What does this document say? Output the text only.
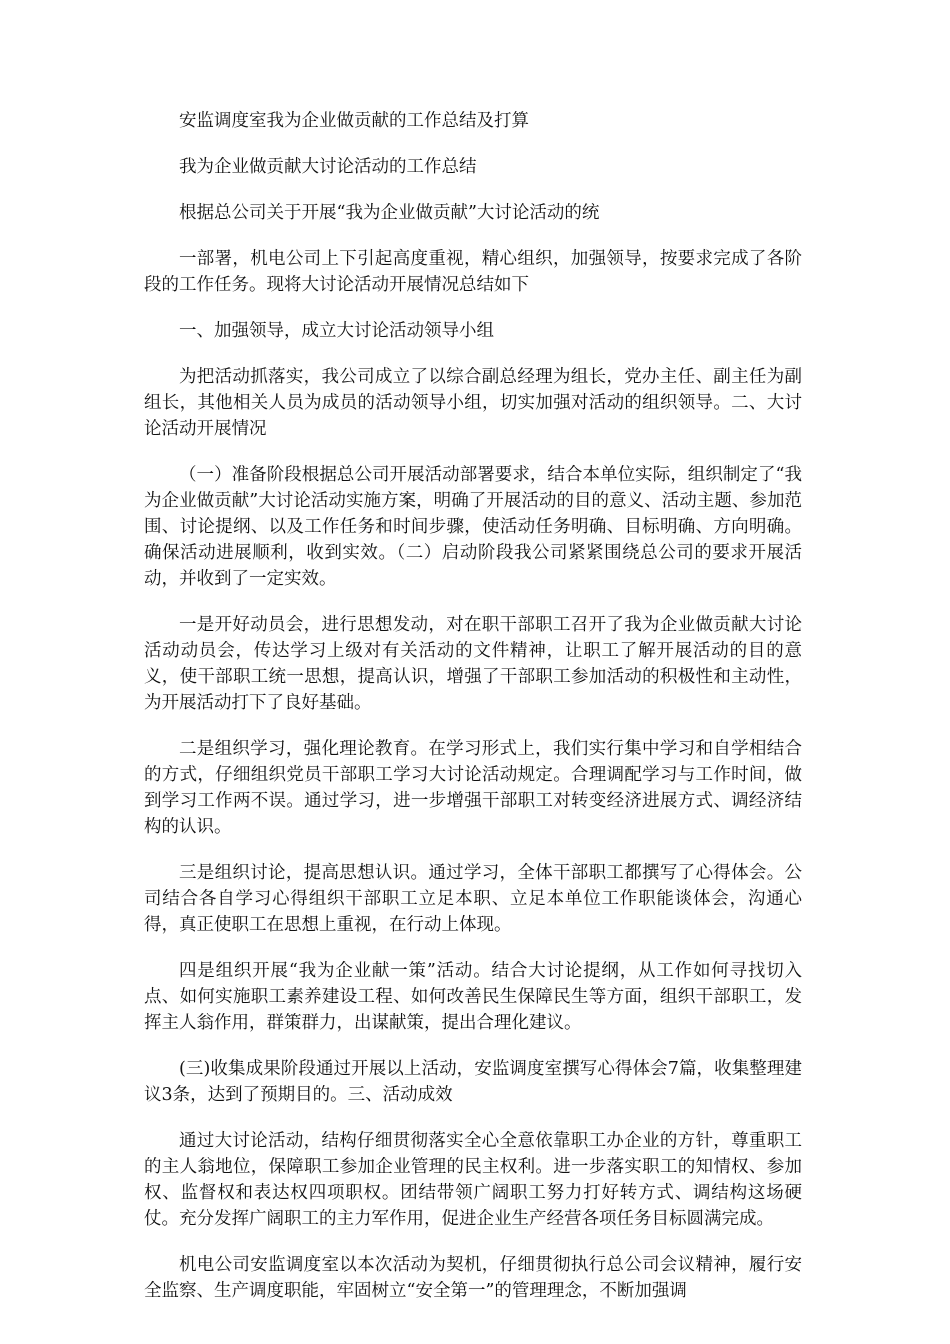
安监调度室我为企业做贡献的工作总结及打算

我为企业做贡献大讨论活动的工作总结

根据总公司关于开展“我为企业做贡献”大讨论活动的统

一部署，机电公司上下引起高度重视，精心组织，加强领导，按要求完成了各阶段的工作任务。现将大讨论活动开展情况总结如下

一、加强领导，成立大讨论活动领导小组

为把活动抓落实，我公司成立了以综合副总经理为组长，党办主任、副主任为副组长，其他相关人员为成员的活动领导小组，切实加强对活动的组织领导。二、大讨论活动开展情况

（一）准备阶段根据总公司开展活动部署要求，结合本单位实际，组织制定了“我为企业做贡献”大讨论活动实施方案，明确了开展活动的目的意义、活动主题、参加范围、讨论提纲、以及工作任务和时间步骤，使活动任务明确、目标明确、方向明确。确保活动进展顺利，收到实效。（二）启动阶段我公司紧紧围绕总公司的要求开展活动，并收到了一定实效。

一是开好动员会，进行思想发动，对在职干部职工召开了我为企业做贡献大讨论活动动员会，传达学习上级对有关活动的文件精神，让职工了解开展活动的目的意义，使干部职工统一思想，提高认识，增强了干部职工参加活动的积极性和主动性，为开展活动打下了良好基础。

二是组织学习，强化理论教育。在学习形式上，我们实行集中学习和自学相结合的方式，仔细组织党员干部职工学习大讨论活动规定。合理调配学习与工作时间，做到学习工作两不误。通过学习，进一步增强干部职工对转变经济进展方式、调经济结构的认识。

三是组织讨论，提高思想认识。通过学习，全体干部职工都撰写了心得体会。公司结合各自学习心得组织干部职工立足本职、立足本单位工作职能谈体会，沟通心得，真正使职工在思想上重视，在行动上体现。

四是组织开展“我为企业献一策”活动。结合大讨论提纲，从工作如何寻找切入点、如何实施职工素养建设工程、如何改善民生保障民生等方面，组织干部职工，发挥主人翁作用，群策群力，出谋献策，提出合理化建议。

(三)收集成果阶段通过开展以上活动，安监调度室撰写心得体会7篇，收集整理建议3条，达到了预期目的。三、活动成效

通过大讨论活动，结构仔细贯彻落实全心全意依靠职工办企业的方针，尊重职工的主人翁地位，保障职工参加企业管理的民主权利。进一步落实职工的知情权、参加权、监督权和表达权四项职权。团结带领广阔职工努力打好转方式、调结构这场硬仗。充分发挥广阔职工的主力军作用，促进企业生产经营各项任务目标圆满完成。

机电公司安监调度室以本次活动为契机，仔细贯彻执行总公司会议精神，履行安全监察、生产调度职能，牢固树立“安全第一”的管理理念，不断加强调
